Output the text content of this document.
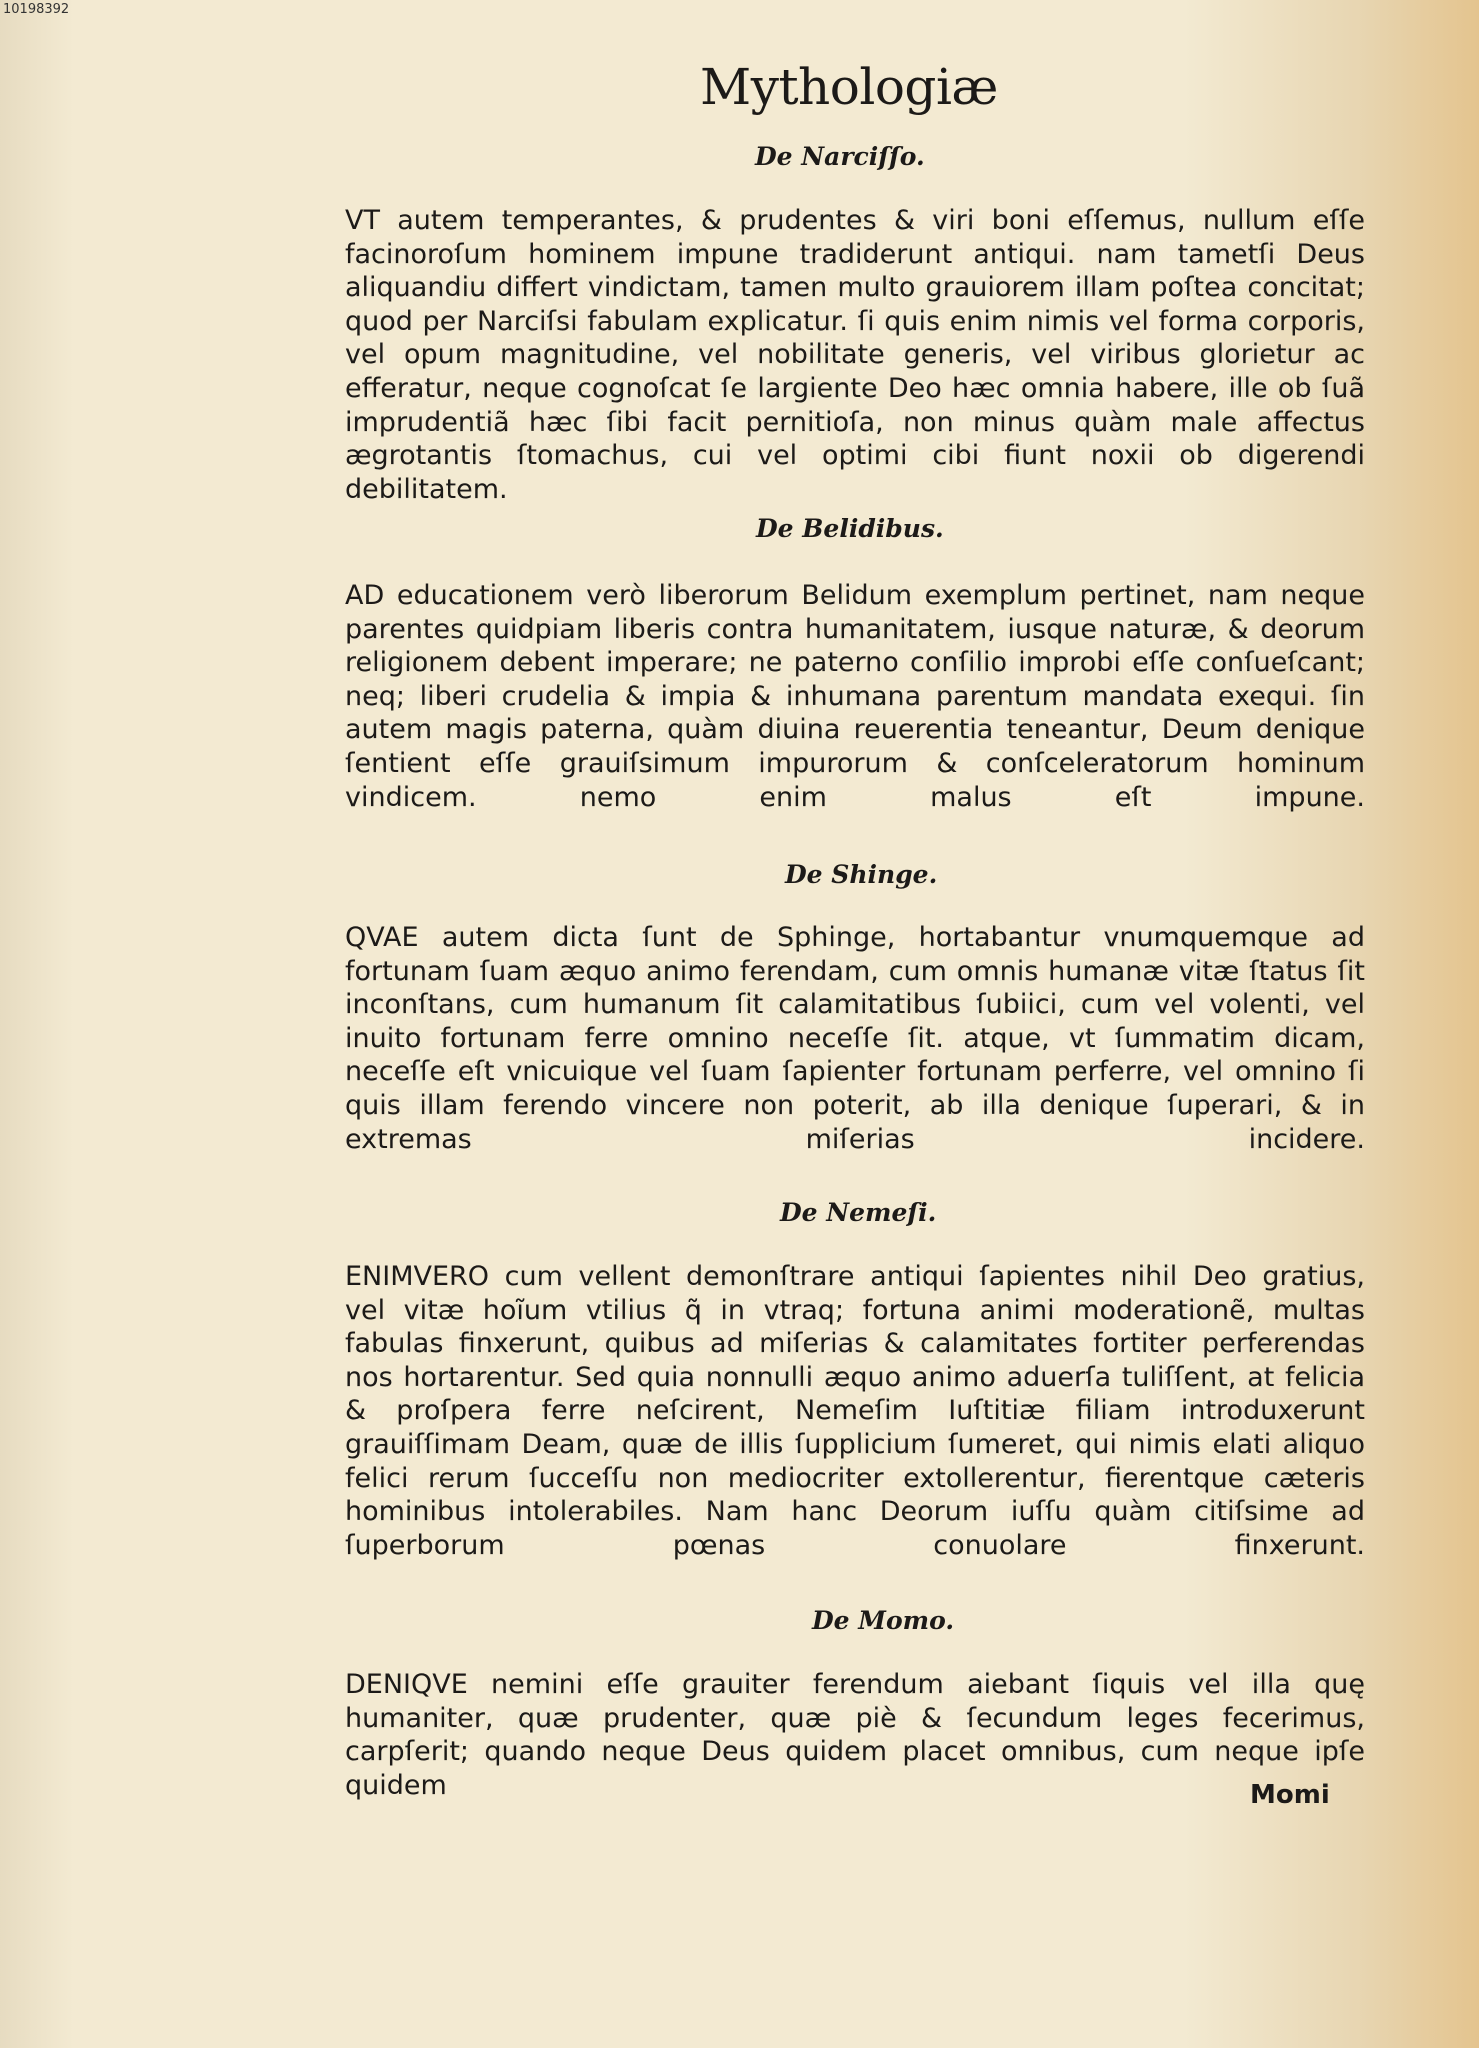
10198392
Mythologiæ
De Narciſſo.
VT autem temperantes, & prudentes & viri boni eſſemus, nullum eſſe facinoroſum hominem impune tradiderunt antiqui. nam tametſi Deus aliquandiu differt vindictam, tamen multo grauiorem illam poſtea concitat; quod per Narciſsi fabulam explicatur. ſi quis enim nimis vel forma corporis, vel opum magnitudine, vel nobilitate generis, vel viribus glorietur ac efferatur, neque cognoſcat ſe largiente Deo hæc omnia habere, ille ob ſuã imprudentiã hæc ſibi facit pernitioſa, non minus quàm male affectus ægrotantis ſtomachus, cui vel optimi cibi fiunt noxii ob digerendi debilitatem.
De Belidibus.
AD educationem verò liberorum Belidum exemplum pertinet, nam neque parentes quidpiam liberis contra humanitatem, iusque naturæ, & deorum religionem debent imperare; ne paterno conſilio improbi eſſe conſueſcant; neq; liberi crudelia & impia & inhumana parentum mandata exequi. ſin autem magis paterna, quàm diuina reuerentia teneantur, Deum denique ſentient eſſe grauiſsimum impurorum & conſceleratorum hominum vindicem. nemo enim malus eſt impune.
De Shinge.
QVAE autem dicta ſunt de Sphinge, hortabantur vnumquemque ad fortunam ſuam æquo animo ferendam, cum omnis humanæ vitæ ſtatus ſit inconſtans, cum humanum ſit calamitatibus ſubiici, cum vel volenti, vel inuito fortunam ferre omnino neceſſe ſit. atque, vt ſummatim dicam, neceſſe eſt vnicuique vel ſuam ſapienter fortunam perferre, vel omnino ſi quis illam ferendo vincere non poterit, ab illa denique ſuperari, & in extremas miſerias incidere.
De Nemeſi.
ENIMVERO cum vellent demonſtrare antiqui ſapientes nihil Deo gratius, vel vitæ hoĩum vtilius q̃ in vtraq; fortuna animi moderationẽ, multas fabulas finxerunt, quibus ad miſerias & calamitates fortiter perferendas nos hortarentur. Sed quia nonnulli æquo animo aduerſa tuliſſent, at felicia & proſpera ferre neſcirent, Nemeſim Iuſtitiæ filiam introduxerunt grauiſſimam Deam, quæ de illis ſupplicium ſumeret, qui nimis elati aliquo felici rerum ſucceſſu non mediocriter extollerentur, fierentque cæteris hominibus intolerabiles. Nam hanc Deorum iuſſu quàm citiſsime ad ſuperborum pœnas conuolare finxerunt.
De Momo.
DENIQVE nemini eſſe grauiter ferendum aiebant ſiquis vel illa quę humaniter, quæ prudenter, quæ piè & ſecundum leges fecerimus, carpſerit; quando neque Deus quidem placet omnibus, cum neque ipſe quidem	Momi
